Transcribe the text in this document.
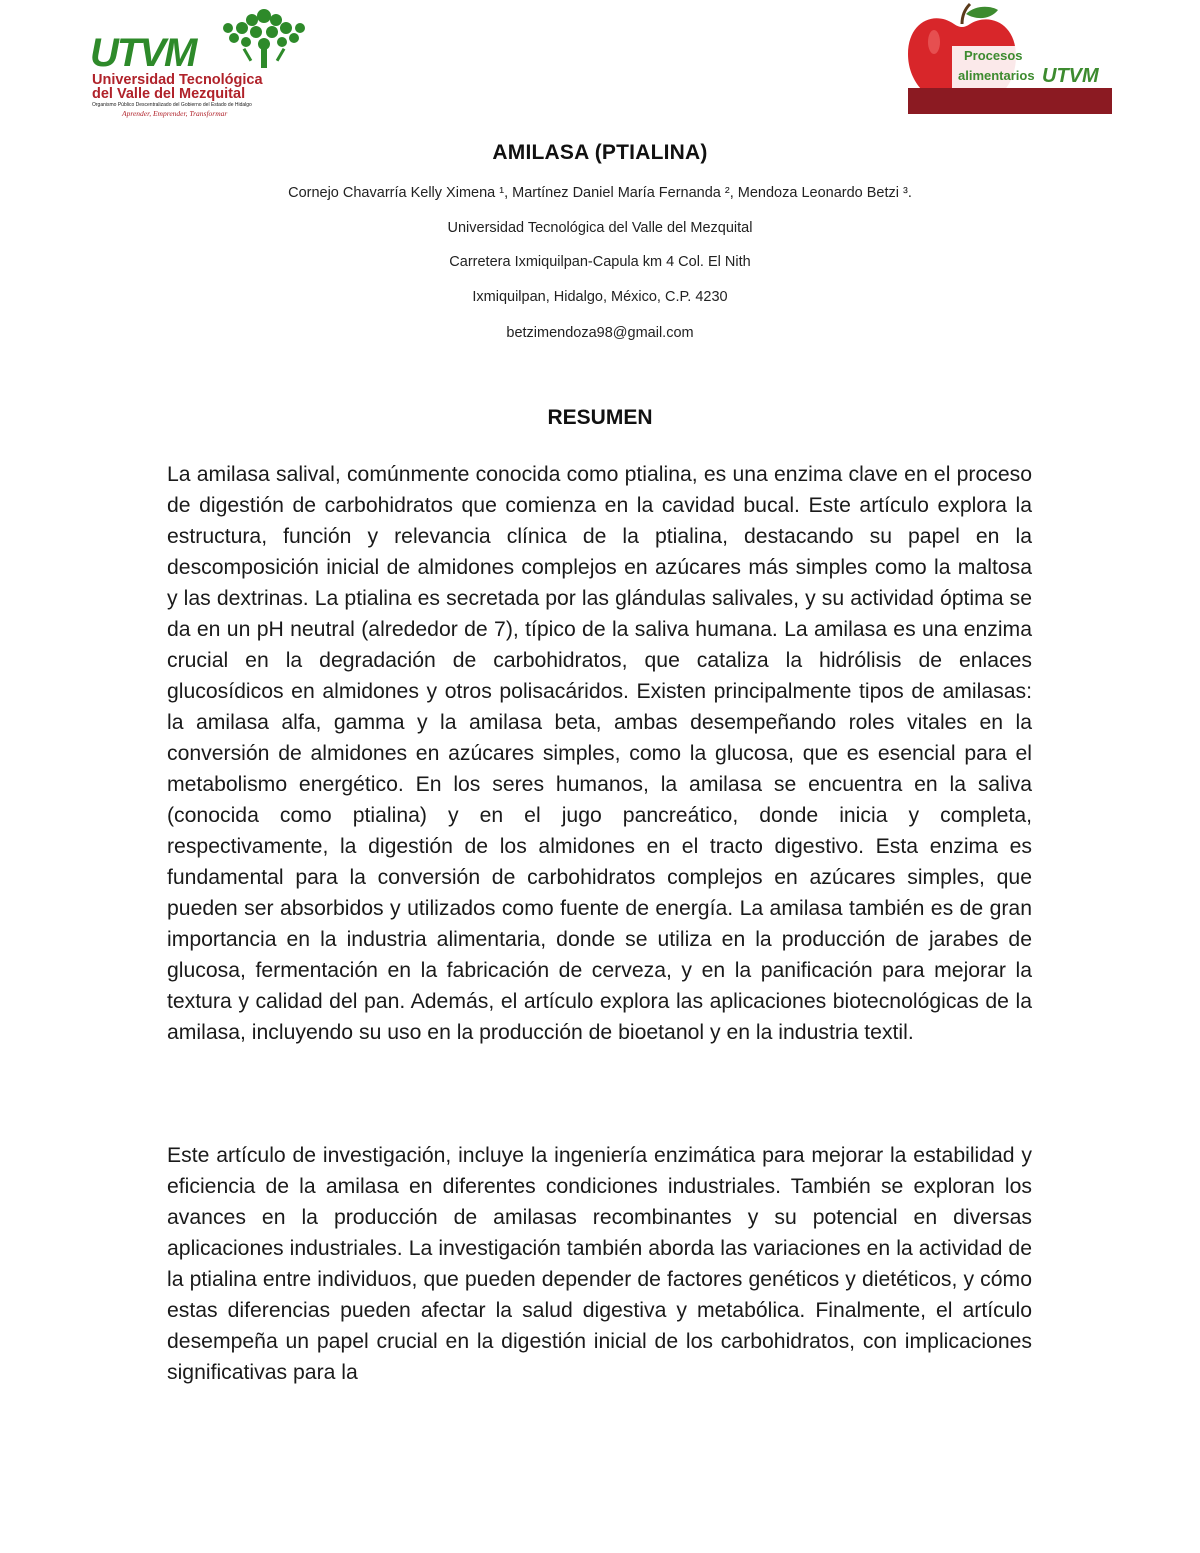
UTVM
Universidad Tecnológica
del Valle del Mezquital
Organismo Público Descentralizado del Gobierno del Estado de Hidalgo
Aprender, Emprender, Transformar
Procesos
alimentarios UTVM
AMILASA (PTIALINA)
Cornejo Chavarría Kelly Ximena ¹, Martínez Daniel María Fernanda ², Mendoza Leonardo Betzi ³.
Universidad Tecnológica del Valle del Mezquital
Carretera Ixmiquilpan-Capula km 4 Col. El Nith
Ixmiquilpan, Hidalgo, México, C.P. 4230
betzimendoza98@gmail.com
RESUMEN

La amilasa salival, comúnmente conocida como ptialina, es una enzima clave en el proceso de digestión de carbohidratos que comienza en la cavidad bucal. Este artículo explora la estructura, función y relevancia clínica de la ptialina, destacando su papel en la descomposición inicial de almidones complejos en azúcares más simples como la maltosa y las dextrinas. La ptialina es secretada por las glándulas salivales, y su actividad óptima se da en un pH neutral (alrededor de 7), típico de la saliva humana. La amilasa es una enzima crucial en la degradación de carbohidratos, que cataliza la hidrólisis de enlaces glucosídicos en almidones y otros polisacáridos. Existen principalmente tipos de amilasas: la amilasa alfa, gamma y la amilasa beta, ambas desempeñando roles vitales en la conversión de almidones en azúcares simples, como la glucosa, que es esencial para el metabolismo energético. En los seres humanos, la amilasa se encuentra en la saliva (conocida como ptialina) y en el jugo pancreático, donde inicia y completa, respectivamente, la digestión de los almidones en el tracto digestivo. Esta enzima es fundamental para la conversión de carbohidratos complejos en azúcares simples, que pueden ser absorbidos y utilizados como fuente de energía. La amilasa también es de gran importancia en la industria alimentaria, donde se utiliza en la producción de jarabes de glucosa, fermentación en la fabricación de cerveza, y en la panificación para mejorar la textura y calidad del pan. Además, el artículo explora las aplicaciones biotecnológicas de la amilasa, incluyendo su uso en la producción de bioetanol y en la industria textil.

Este artículo de investigación, incluye la ingeniería enzimática para mejorar la estabilidad y eficiencia de la amilasa en diferentes condiciones industriales. También se exploran los avances en la producción de amilasas recombinantes y su potencial en diversas aplicaciones industriales. La investigación también aborda las variaciones en la actividad de la ptialina entre individuos, que pueden depender de factores genéticos y dietéticos, y cómo estas diferencias pueden afectar la salud digestiva y metabólica. Finalmente, el artículo desempeña un papel crucial en la digestión inicial de los carbohidratos, con implicaciones significativas para la
